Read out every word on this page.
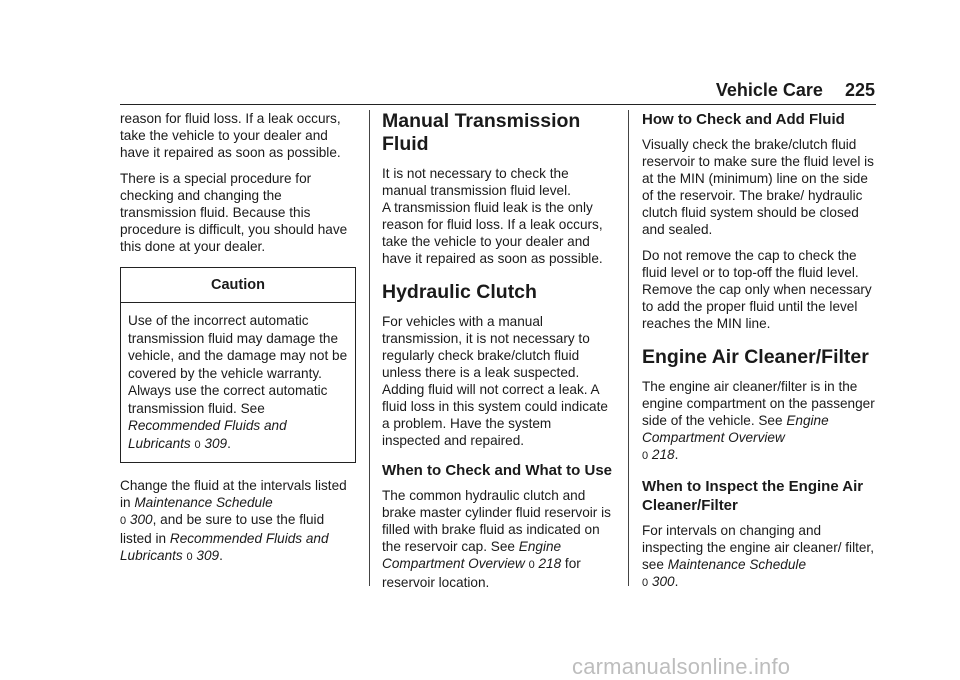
Vehicle Care 225

reason for fluid loss. If a leak occurs, take the vehicle to your dealer and have it repaired as soon as possible.

There is a special procedure for checking and changing the transmission fluid. Because this procedure is difficult, you should have this done at your dealer.

Caution
Use of the incorrect automatic transmission fluid may damage the vehicle, and the damage may not be covered by the vehicle warranty. Always use the correct automatic transmission fluid. See Recommended Fluids and Lubricants 0 309.

Change the fluid at the intervals listed in Maintenance Schedule
0 300, and be sure to use the fluid listed in Recommended Fluids and Lubricants 0 309.

Manual Transmission Fluid

It is not necessary to check the manual transmission fluid level.
A transmission fluid leak is the only reason for fluid loss. If a leak occurs, take the vehicle to your dealer and have it repaired as soon as possible.

Hydraulic Clutch

For vehicles with a manual transmission, it is not necessary to regularly check brake/clutch fluid unless there is a leak suspected. Adding fluid will not correct a leak. A fluid loss in this system could indicate a problem. Have the system inspected and repaired.

When to Check and What to Use

The common hydraulic clutch and brake master cylinder fluid reservoir is filled with brake fluid as indicated on the reservoir cap. See Engine Compartment Overview 0 218 for reservoir location.

How to Check and Add Fluid

Visually check the brake/clutch fluid reservoir to make sure the fluid level is at the MIN (minimum) line on the side of the reservoir. The brake/ hydraulic clutch fluid system should be closed and sealed.

Do not remove the cap to check the fluid level or to top-off the fluid level. Remove the cap only when necessary to add the proper fluid until the level reaches the MIN line.

Engine Air Cleaner/Filter

The engine air cleaner/filter is in the engine compartment on the passenger side of the vehicle. See Engine Compartment Overview
0 218.

When to Inspect the Engine Air Cleaner/Filter

For intervals on changing and inspecting the engine air cleaner/ filter, see Maintenance Schedule
0 300.

carmanualsonline.info
